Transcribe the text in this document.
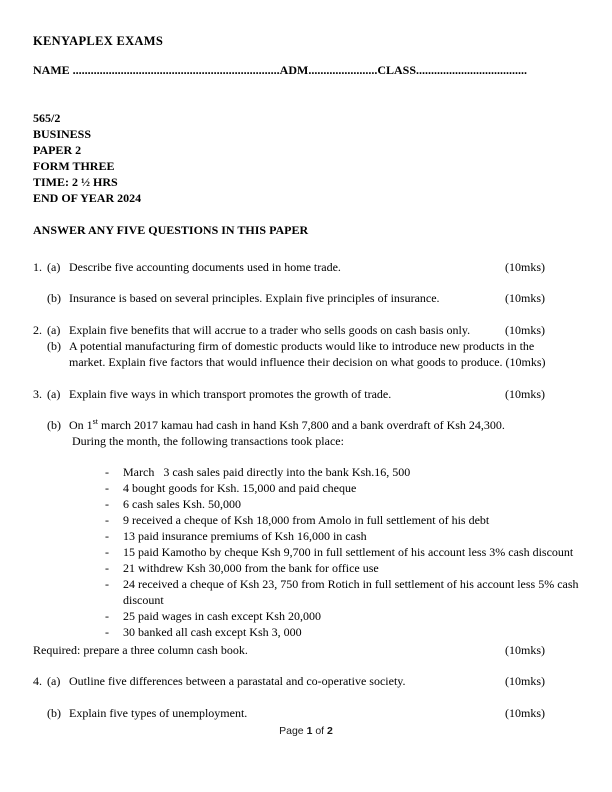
KENYAPLEX EXAMS
NAME .....................................................................ADM.......................CLASS.....................................
565/2
BUSINESS
PAPER 2
FORM THREE
TIME: 2 ½ HRS
END OF YEAR 2024
ANSWER ANY FIVE QUESTIONS IN THIS PAPER
1. (a) Describe five accounting documents used in home trade.	(10mks)
(b) Insurance is based on several principles. Explain five principles of insurance.	(10mks)
2. (a) Explain five benefits that will accrue to a trader who sells goods on cash basis only.	(10mks)
(b) A potential manufacturing firm of domestic products would like to introduce new products in the market. Explain five factors that would influence their decision on what goods to produce. (10mks)
3. (a) Explain five ways in which transport promotes the growth of trade.	(10mks)
(b) On 1st march 2017 kamau had cash in hand Ksh 7,800 and a bank overdraft of Ksh 24,300.
During the month, the following transactions took place:
-	March   3 cash sales paid directly into the bank Ksh.16, 500
-	4 bought goods for Ksh. 15,000 and paid cheque
-	6 cash sales Ksh. 50,000
-	9 received a cheque of Ksh 18,000 from Amolo in full settlement of his debt
-	13 paid insurance premiums of Ksh 16,000 in cash
-	15 paid Kamotho by cheque Ksh 9,700 in full settlement of his account less 3% cash discount
-	21 withdrew Ksh 30,000 from the bank for office use
-	24 received a cheque of Ksh 23, 750 from Rotich in full settlement of his account less 5% cash discount
-	25 paid wages in cash except Ksh 20,000
-	30 banked all cash except Ksh 3, 000
Required: prepare a three column cash book.	(10mks)
4. (a) Outline five differences between a parastatal and co-operative society.	(10mks)
(b) Explain five types of unemployment.	(10mks)
Page 1 of 2
